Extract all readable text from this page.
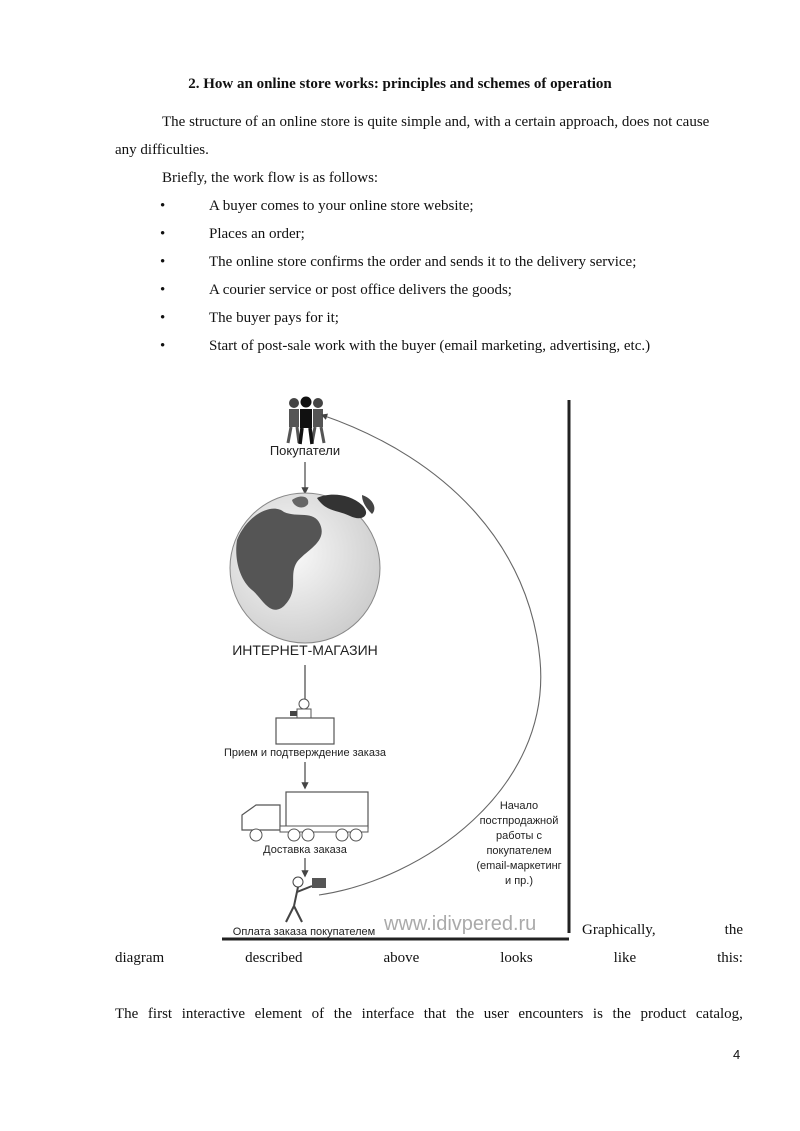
2. How an online store works: principles and schemes of operation
The structure of an online store is quite simple and, with a certain approach, does not cause
any difficulties.
Briefly, the work flow is as follows:
•	A buyer comes to your online store website;
•	Places an order;
•	The online store confirms the order and sends it to the delivery service;
•	A courier service or post office delivers the goods;
•	The buyer pays for it;
•	Start of post-sale work with the buyer (email marketing, advertising, etc.)
Покупатели
ИНТЕРНЕТ-МАГАЗИН
Прием и подтверждение заказа
Доставка заказа
Оплата заказа покупателем
Начало
постпродажной
работы с
покупателем
(email-маркетинг
и пр.)
www.idivpered.ru	Graphically,	the
diagram	described	above	looks	like	this:
The first interactive element of the interface that the user encounters is the product catalog,
4
